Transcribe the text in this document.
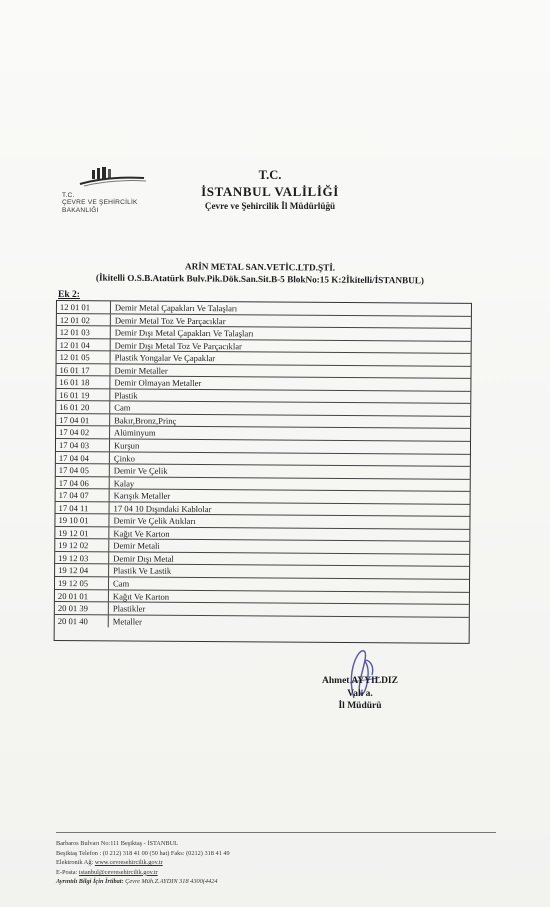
T.C.
ÇEVRE VE ŞEHİRCİLİK
BAKANLIĞI
T.C.
İSTANBUL VALİLİĞİ
Çevre ve Şehircilik İl Müdürlüğü
ARİN METAL SAN.VETİC.LTD.ŞTİ.
(İkitelli O.S.B.Atatürk Bulv.Pik.Dök.San.Sit.B-5 BlokNo:15 K:2İkitelli/İSTANBUL)
Ek 2:
12 01 01	Demir Metal Çapakları Ve Talaşları
12 01 02	Demir Metal Toz Ve Parçacıklar
12 01 03	Demir Dışı Metal Çapakları Ve Talaşları
12 01 04	Demir Dışı Metal Toz Ve Parçacıklar
12 01 05	Plastik Yongalar Ve Çapaklar
16 01 17	Demir Metaller
16 01 18	Demir Olmayan Metaller
16 01 19	Plastik
16 01 20	Cam
17 04 01	Bakır,Bronz,Prinç
17 04 02	Alüminyum
17 04 03	Kurşun
17 04 04	Çinko
17 04 05	Demir Ve Çelik
17 04 06	Kalay
17 04 07	Karışık Metaller
17 04 11	17 04 10 Dışındaki Kablolar
19 10 01	Demir Ve Çelik Atıkları
19 12 01	Kağıt Ve Karton
19 12 02	Demir Metali
19 12 03	Demir Dışı Metal
19 12 04	Plastik Ve Lastik
19 12 05	Cam
20 01 01	Kağıt Ve Karton
20 01 39	Plastikler
20 01 40	Metaller
Ahmet AYYILDIZ
Vali a.
İl Müdürü
Barbaros Bulvarı No:111 Beşiktaş - İSTANBUL
Beşiktaş Telefon : (0 212) 318 41 00 (50 hat) Faks: (0212) 318 41 49
Elektronik Ağ: www.cevresehircilik.gov.tr
E-Posta: istanbul@cevresehircilik.gov.tr
Ayrıntılı Bilgi İçin İrtibat: Çevre Müh.Z.AYDIN 318 4300(4424
